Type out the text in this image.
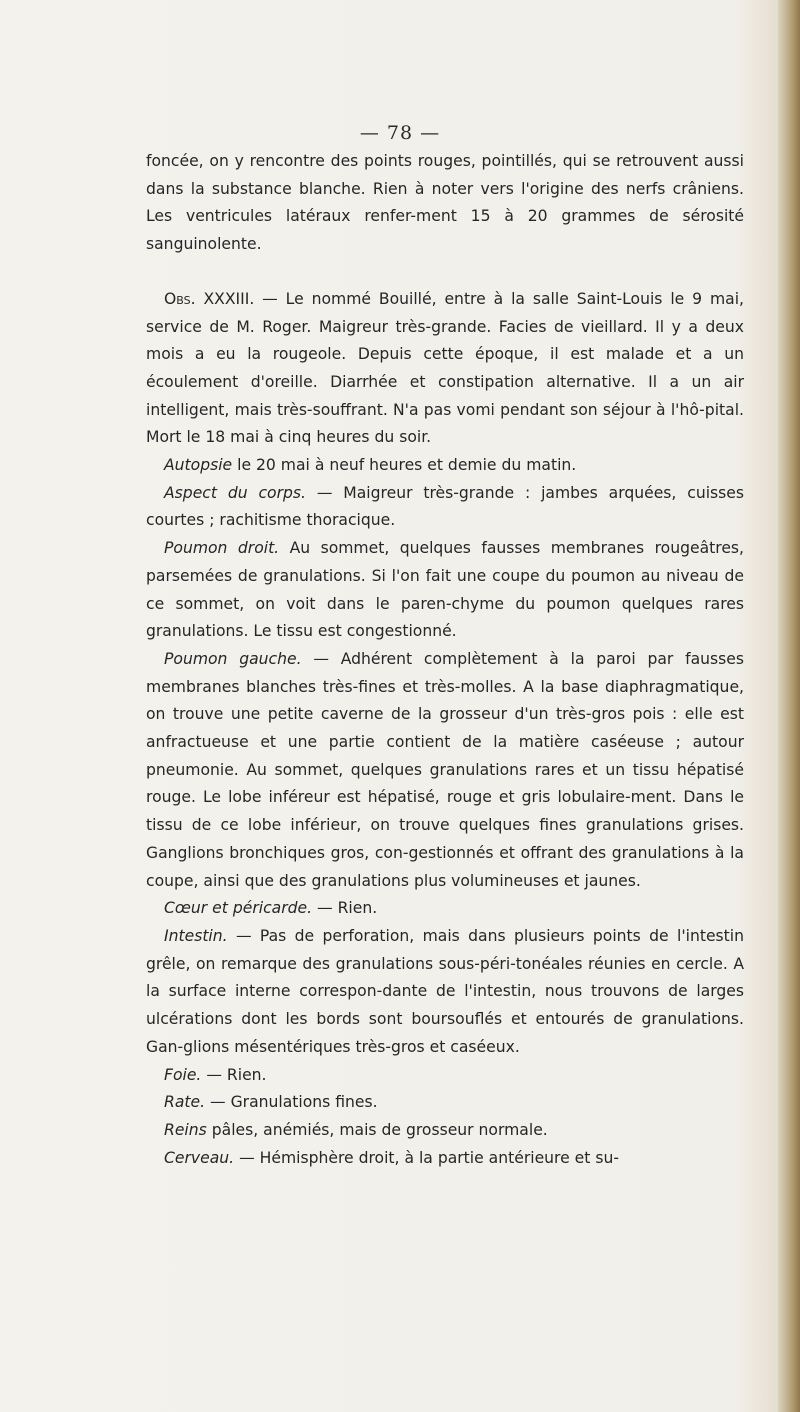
— 78 —

foncée, on y rencontre des points rouges, pointillés, qui se retrouvent aussi dans la substance blanche. Rien à noter vers l'origine des nerfs crâniens. Les ventricules latéraux renfer-ment 15 à 20 grammes de sérosité sanguinolente.

Obs. XXXIII. — Le nommé Bouillé, entre à la salle Saint-Louis le 9 mai, service de M. Roger. Maigreur très-grande. Facies de vieillard. Il y a deux mois a eu la rougeole. Depuis cette époque, il est malade et a un écoulement d'oreille. Diarrhée et constipation alternative. Il a un air intelligent, mais très-souffrant. N'a pas vomi pendant son séjour à l'hô-pital. Mort le 18 mai à cinq heures du soir.

Autopsie le 20 mai à neuf heures et demie du matin.

Aspect du corps. — Maigreur très-grande : jambes arquées, cuisses courtes ; rachitisme thoracique.

Poumon droit. Au sommet, quelques fausses membranes rougeâtres, parsemées de granulations. Si l'on fait une coupe du poumon au niveau de ce sommet, on voit dans le paren-chyme du poumon quelques rares granulations. Le tissu est congestionné.

Poumon gauche. — Adhérent complètement à la paroi par fausses membranes blanches très-fines et très-molles. A la base diaphragmatique, on trouve une petite caverne de la grosseur d'un très-gros pois : elle est anfractueuse et une partie contient de la matière caséeuse ; autour pneumonie. Au sommet, quelques granulations rares et un tissu hépatisé rouge. Le lobe inféreur est hépatisé, rouge et gris lobulaire-ment. Dans le tissu de ce lobe inférieur, on trouve quelques fines granulations grises. Ganglions bronchiques gros, con-gestionnés et offrant des granulations à la coupe, ainsi que des granulations plus volumineuses et jaunes.

Cœur et péricarde. — Rien.

Intestin. — Pas de perforation, mais dans plusieurs points de l'intestin grêle, on remarque des granulations sous-péri-tonéales réunies en cercle. A la surface interne correspon-dante de l'intestin, nous trouvons de larges ulcérations dont les bords sont boursouflés et entourés de granulations. Gan-glions mésentériques très-gros et caséeux.

Foie. — Rien.

Rate. — Granulations fines.

Reins pâles, anémiés, mais de grosseur normale.

Cerveau. — Hémisphère droit, à la partie antérieure et su-
